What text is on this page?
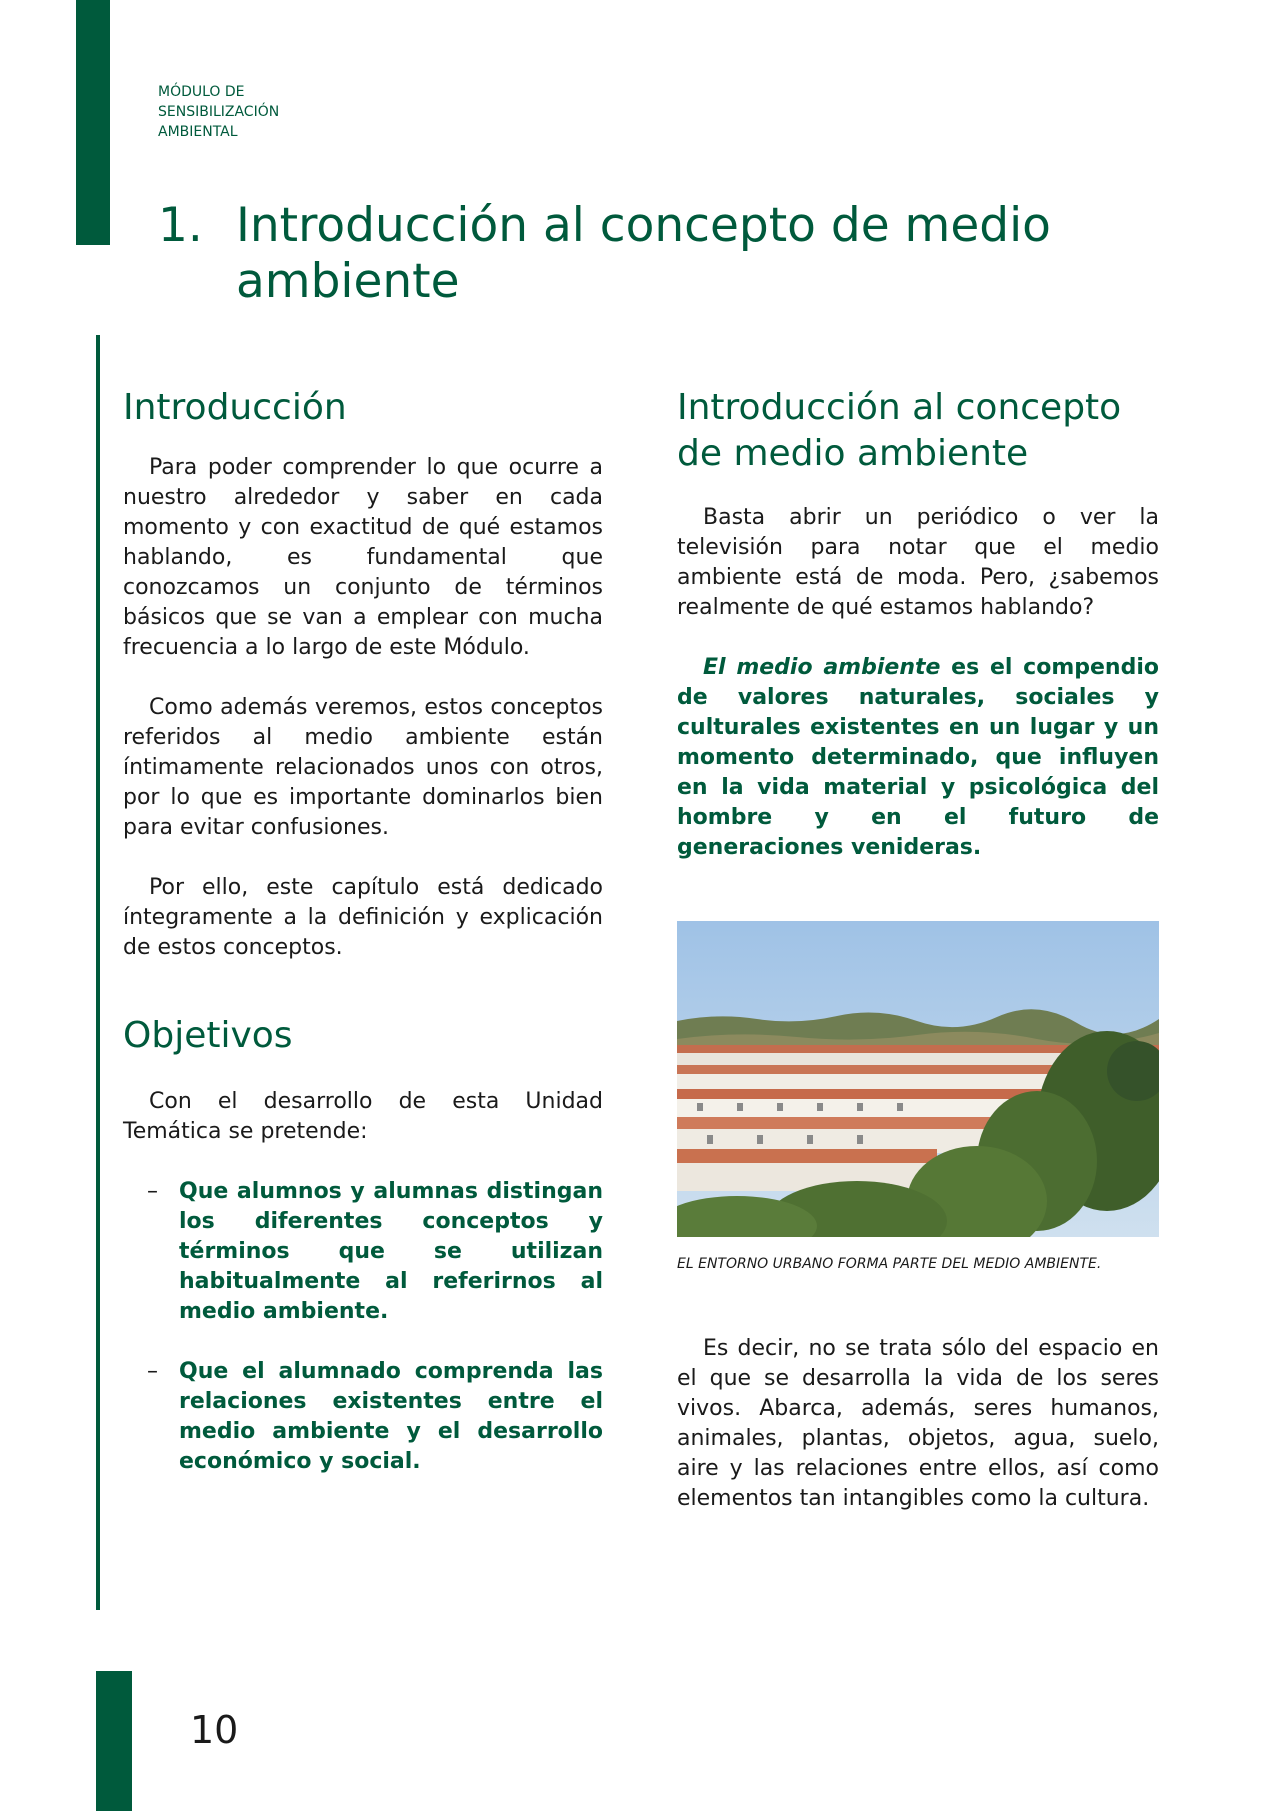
MÓDULO DE
SENSIBILIZACIÓN
AMBIENTAL
1. Introducción al concepto de medio ambiente
Introducción

Para poder comprender lo que ocurre a nuestro alrededor y saber en cada momento y con exactitud de qué estamos hablando, es fundamental que conozcamos un conjunto de términos básicos que se van a emplear con mucha frecuencia a lo largo de este Módulo.

Como además veremos, estos conceptos referidos al medio ambiente están íntimamente relacionados unos con otros, por lo que es importante dominarlos bien para evitar confusiones.

Por ello, este capítulo está dedicado íntegramente a la definición y explicación de estos conceptos.

Objetivos

Con el desarrollo de esta Unidad Temática se pretende:

– Que alumnos y alumnas distingan los diferentes conceptos y términos que se utilizan habitualmente al referirnos al medio ambiente.
– Que el alumnado comprenda las relaciones existentes entre el medio ambiente y el desarrollo económico y social.
Introducción al concepto de medio ambiente

Basta abrir un periódico o ver la televisión para notar que el medio ambiente está de moda. Pero, ¿sabemos realmente de qué estamos hablando?

El medio ambiente es el compendio de valores naturales, sociales y culturales existentes en un lugar y un momento determinado, que influyen en la vida material y psicológica del hombre y en el futuro de generaciones venideras.

EL ENTORNO URBANO FORMA PARTE DEL MEDIO AMBIENTE.

Es decir, no se trata sólo del espacio en el que se desarrolla la vida de los seres vivos. Abarca, además, seres humanos, animales, plantas, objetos, agua, suelo, aire y las relaciones entre ellos, así como elementos tan intangibles como la cultura.

10
